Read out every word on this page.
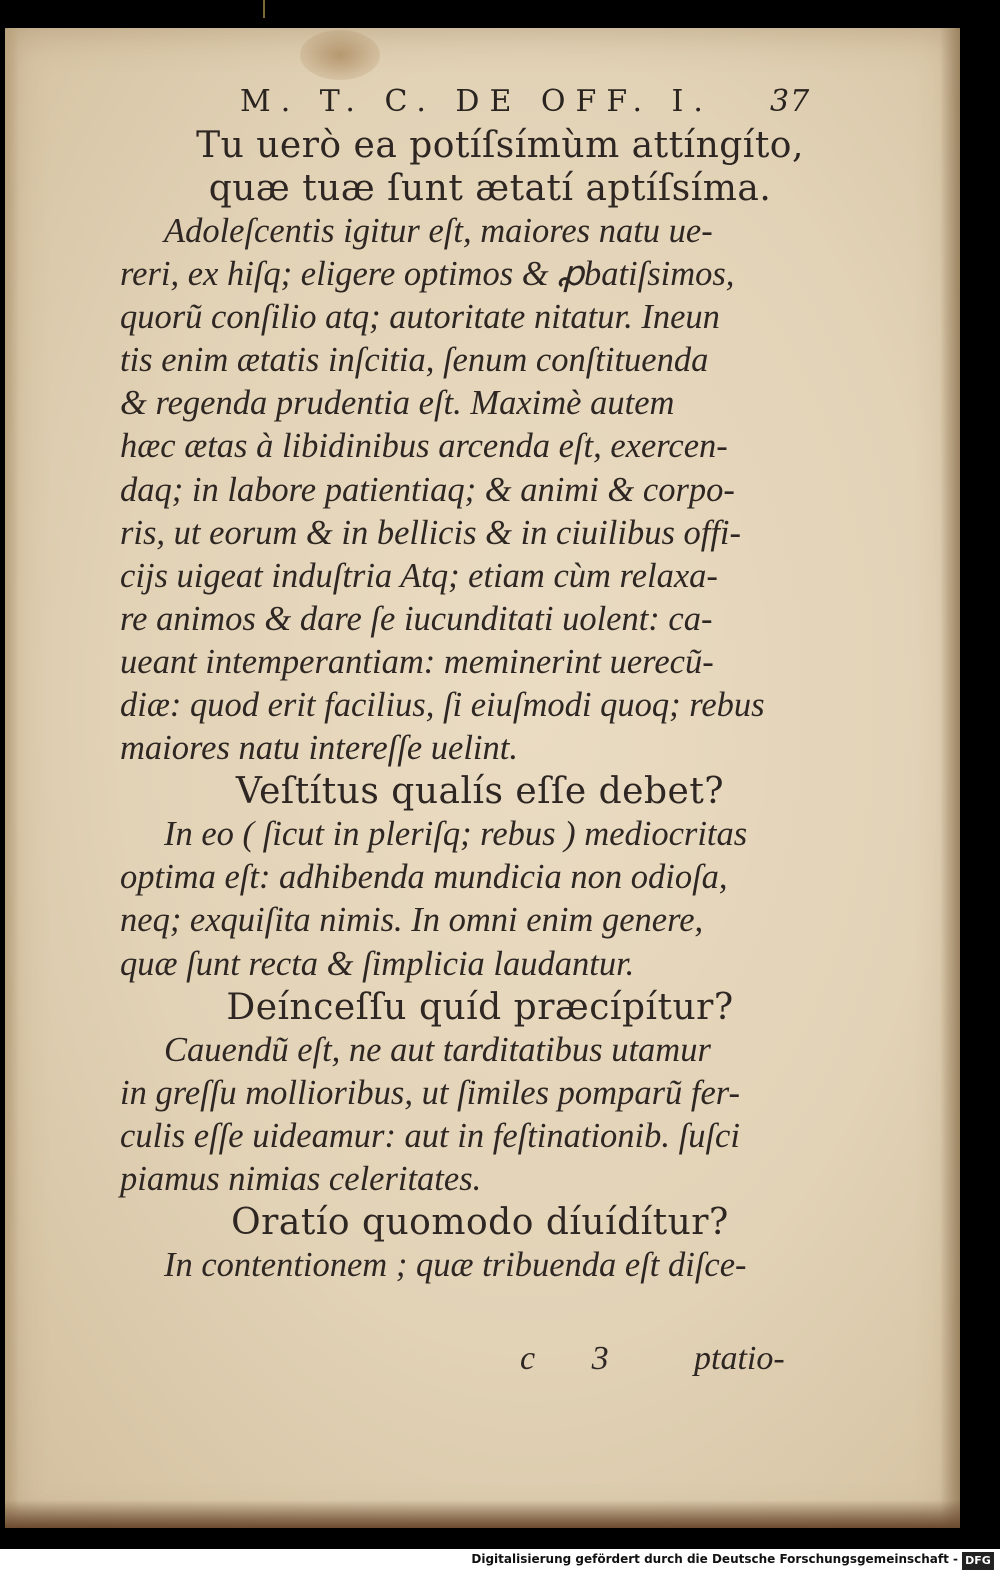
M. T. C. DE OFF. I. 37
Tu uerò ea potíſsímùm attíngíto,
quæ tuæ ſunt ætatí aptíſsíma.
Adoleſcentis igitur eſt, maiores natu ue-
reri, ex hiſq; eligere optimos & ꝓbatiſsimos,
quorũ conſilio atq; autoritate nitatur. Ineun
tis enim ætatis inſcitia, ſenum conſtituenda
& regenda prudentia eſt. Maximè autem
hæc ætas à libidinibus arcenda eſt, exercen-
daq; in labore patientiaq; & animi & corpo-
ris, ut eorum & in bellicis & in ciuilibus offi-
cijs uigeat induſtria Atq; etiam cùm relaxa-
re animos & dare ſe iucunditati uolent: ca-
ueant intemperantiam: meminerint uerecũ-
diæ: quod erit facilius, ſi eiuſmodi quoq; rebus
maiores natu intereſſe uelint.
Veſtítus qualís eſſe debet?
In eo ( ſicut in pleriſq; rebus ) mediocritas
optima eſt: adhibenda mundicia non odioſa,
neq; exquiſita nimis. In omni enim genere,
quæ ſunt recta & ſimplicia laudantur.
Deínceſſu quíd præcípítur?
Cauendũ eſt, ne aut tarditatibus utamur
in greſſu mollioribus, ut ſimiles pomparũ fer-
culis eſſe uideamur: aut in feſtinationib. ſuſci
piamus nimias celeritates.
Oratío quomodo díuídítur?
In contentionem ; quæ tribuenda eſt diſce-
c 3 ptatio-
Digitalisierung gefördert durch die Deutsche Forschungsgemeinschaft - DFG
